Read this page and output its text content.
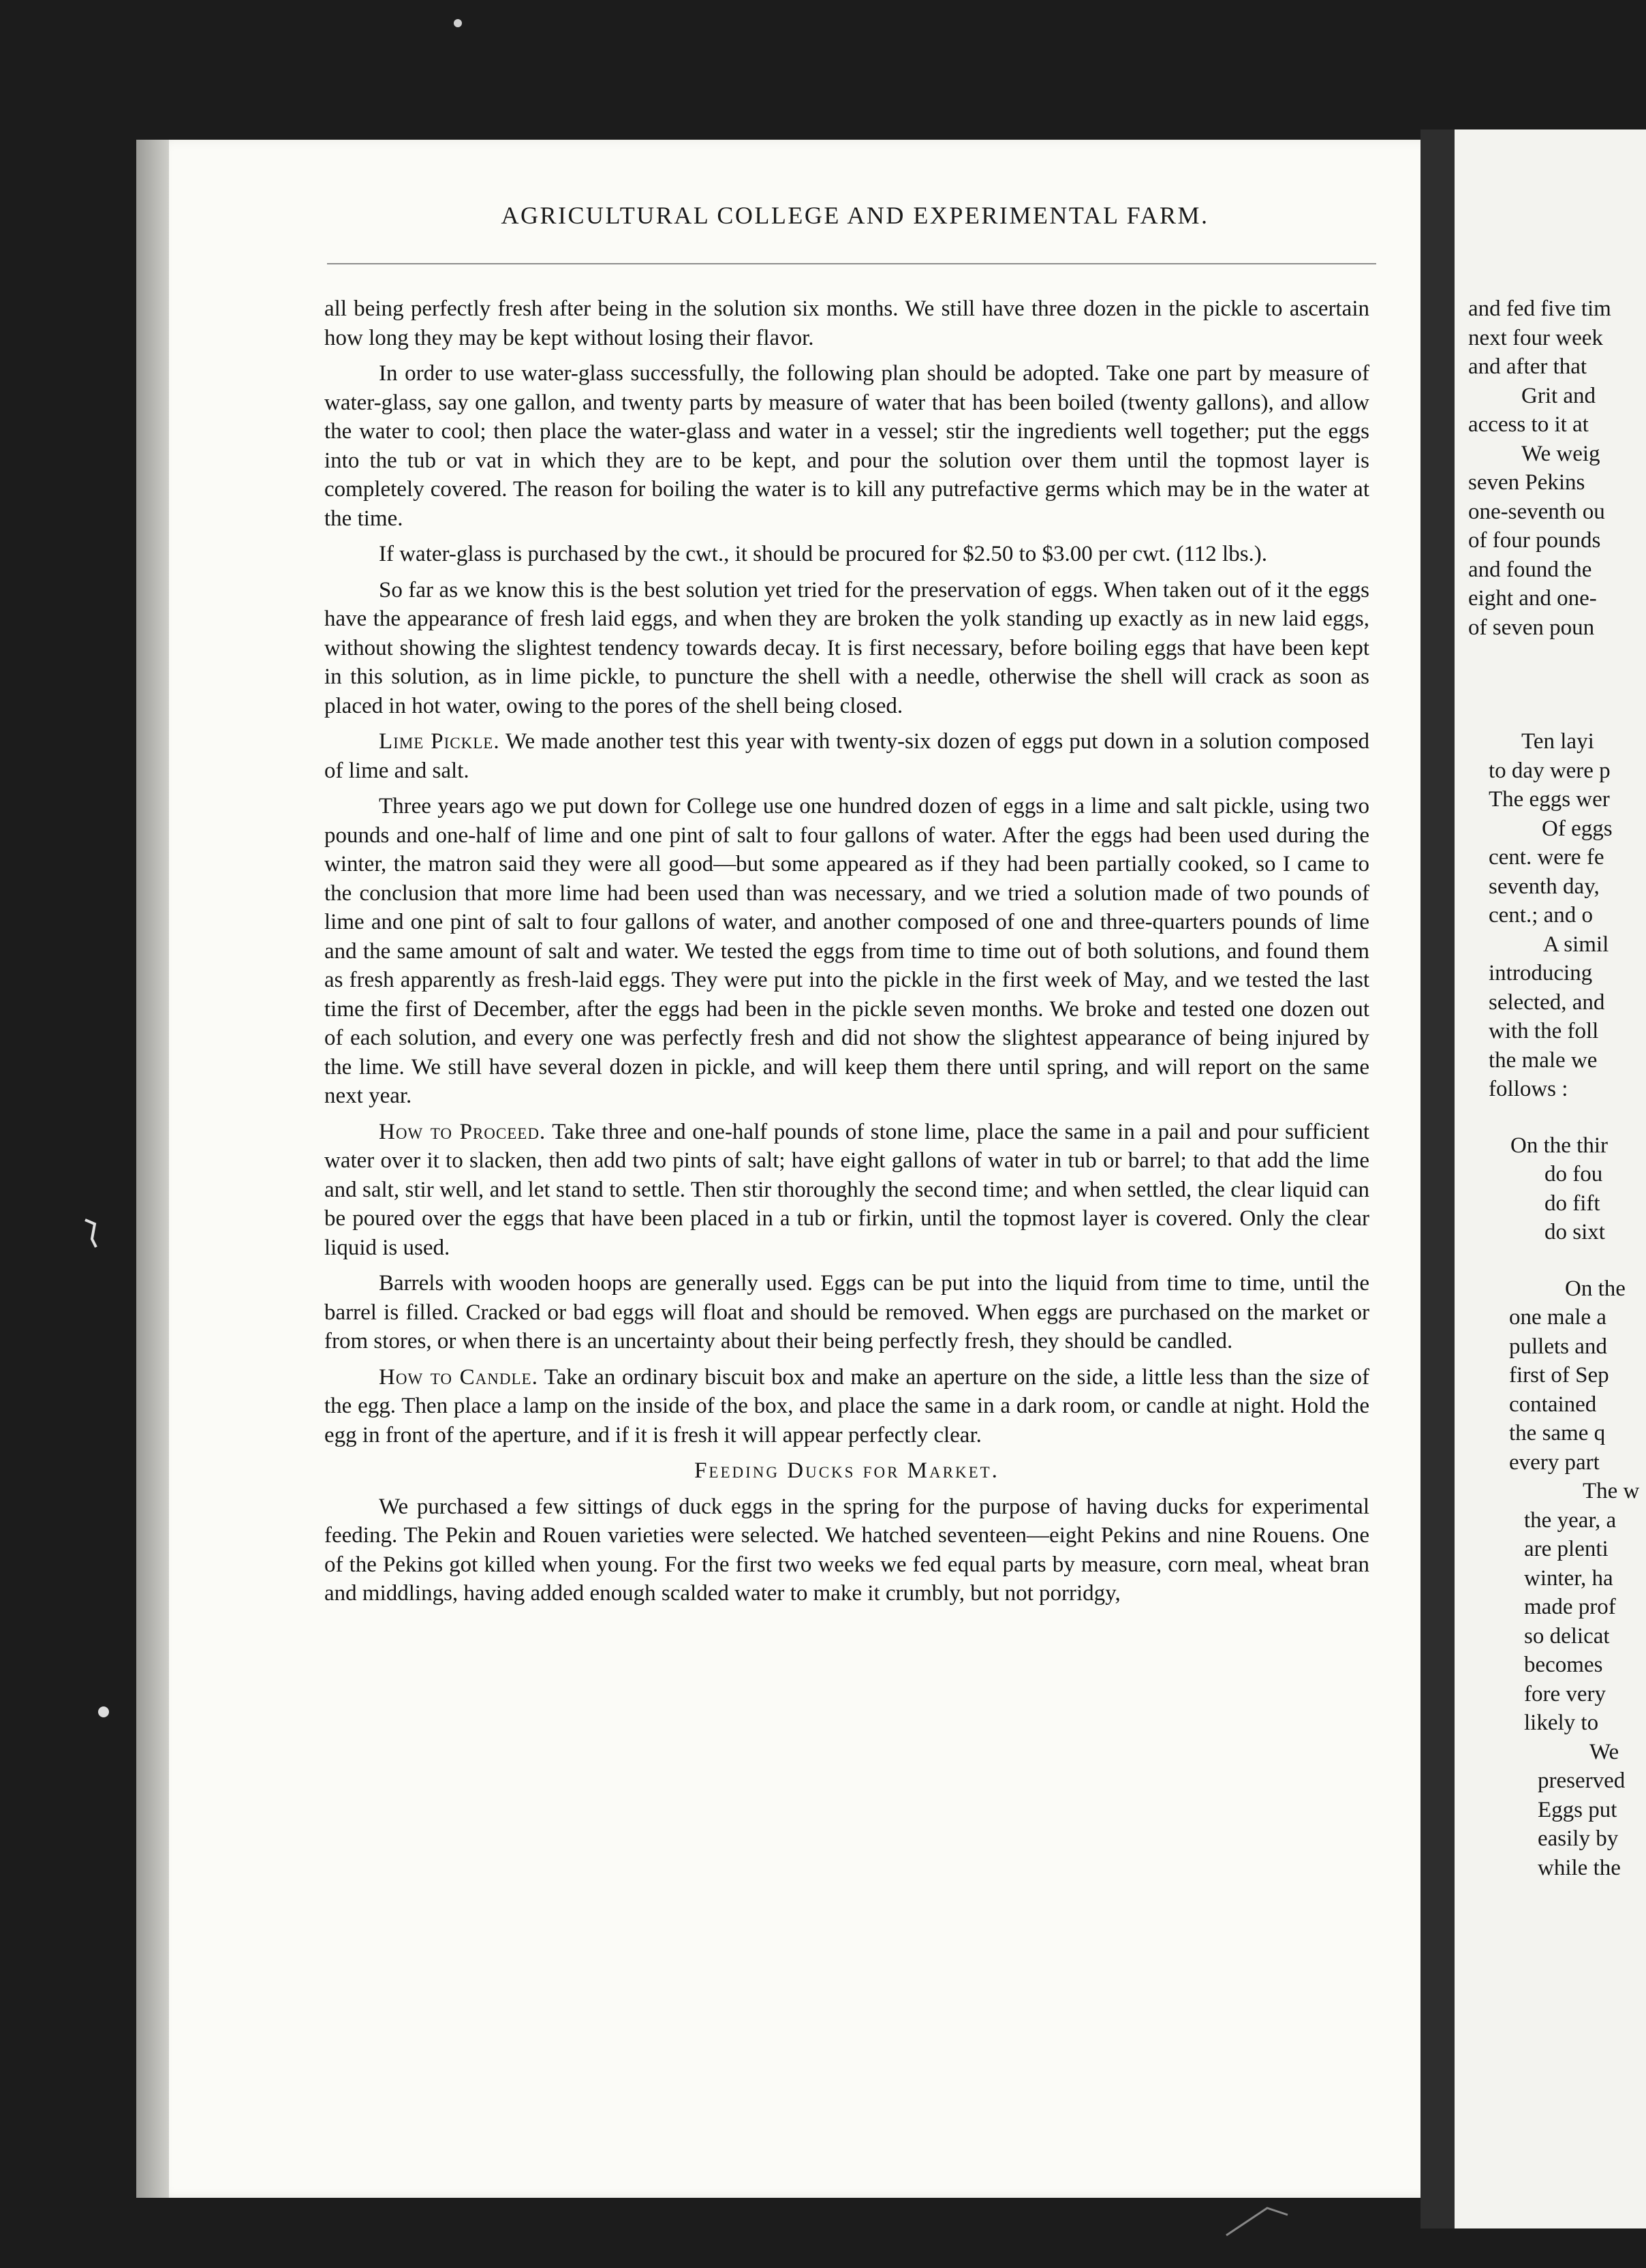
AGRICULTURAL COLLEGE AND EXPERIMENTAL FARM.

all being perfectly fresh after being in the solution six months. We still have three dozen in the pickle to ascertain how long they may be kept without losing their flavor.

In order to use water-glass successfully, the following plan should be adopted. Take one part by measure of water-glass, say one gallon, and twenty parts by measure of water that has been boiled (twenty gallons), and allow the water to cool; then place the water-glass and water in a vessel; stir the ingredients well together; put the eggs into the tub or vat in which they are to be kept, and pour the solution over them until the topmost layer is completely covered. The reason for boiling the water is to kill any putrefactive germs which may be in the water at the time.

If water-glass is purchased by the cwt., it should be procured for $2.50 to $3.00 per cwt. (112 lbs.).

So far as we know this is the best solution yet tried for the preservation of eggs. When taken out of it the eggs have the appearance of fresh laid eggs, and when they are broken the yolk standing up exactly as in new laid eggs, without showing the slightest tendency towards decay. It is first necessary, before boiling eggs that have been kept in this solution, as in lime pickle, to puncture the shell with a needle, otherwise the shell will crack as soon as placed in hot water, owing to the pores of the shell being closed.

Lime Pickle. We made another test this year with twenty-six dozen of eggs put down in a solution composed of lime and salt.

Three years ago we put down for College use one hundred dozen of eggs in a lime and salt pickle, using two pounds and one-half of lime and one pint of salt to four gallons of water. After the eggs had been used during the winter, the matron said they were all good—but some appeared as if they had been partially cooked, so I came to the conclusion that more lime had been used than was necessary, and we tried a solution made of two pounds of lime and one pint of salt to four gallons of water, and another composed of one and three-quarters pounds of lime and the same amount of salt and water. We tested the eggs from time to time out of both solutions, and found them as fresh apparently as fresh-laid eggs. They were put into the pickle in the first week of May, and we tested the last time the first of December, after the eggs had been in the pickle seven months. We broke and tested one dozen out of each solution, and every one was perfectly fresh and did not show the slightest appearance of being injured by the lime. We still have several dozen in pickle, and will keep them there until spring, and will report on the same next year.

How to Proceed. Take three and one-half pounds of stone lime, place the same in a pail and pour sufficient water over it to slacken, then add two pints of salt; have eight gallons of water in tub or barrel; to that add the lime and salt, stir well, and let stand to settle. Then stir thoroughly the second time; and when settled, the clear liquid can be poured over the eggs that have been placed in a tub or firkin, until the topmost layer is covered. Only the clear liquid is used.

Barrels with wooden hoops are generally used. Eggs can be put into the liquid from time to time, until the barrel is filled. Cracked or bad eggs will float and should be removed. When eggs are purchased on the market or from stores, or when there is an uncertainty about their being perfectly fresh, they should be candled.

How to Candle. Take an ordinary biscuit box and make an aperture on the side, a little less than the size of the egg. Then place a lamp on the inside of the box, and place the same in a dark room, or candle at night. Hold the egg in front of the aperture, and if it is fresh it will appear perfectly clear.

Feeding Ducks for Market.

We purchased a few sittings of duck eggs in the spring for the purpose of having ducks for experimental feeding. The Pekin and Rouen varieties were selected. We hatched seventeen—eight Pekins and nine Rouens. One of the Pekins got killed when young. For the first two weeks we fed equal parts by measure, corn meal, wheat bran and middlings, having added enough scalded water to make it crumbly, but not porridgy,

and fed five tim
next four week
and after that
Grit and
access to it at
We weig
seven Pekins
one-seventh ou
of four pounds
and found the
eight and one-
of seven poun
Ten layi
to day were p
The eggs wer
Of eggs
cent. were fe
seventh day,
cent.; and o
A simil
introducing
selected, and
with the foll
the male we
follows :
On the thir
do fou
do fift
do sixt
On the
one male a
pullets and
first of Sep
contained
the same q
every part
The w
the year, a
are plenti
winter, ha
made prof
so delicat
becomes
fore very
likely to
We
preserved
Eggs put
easily by
while the
